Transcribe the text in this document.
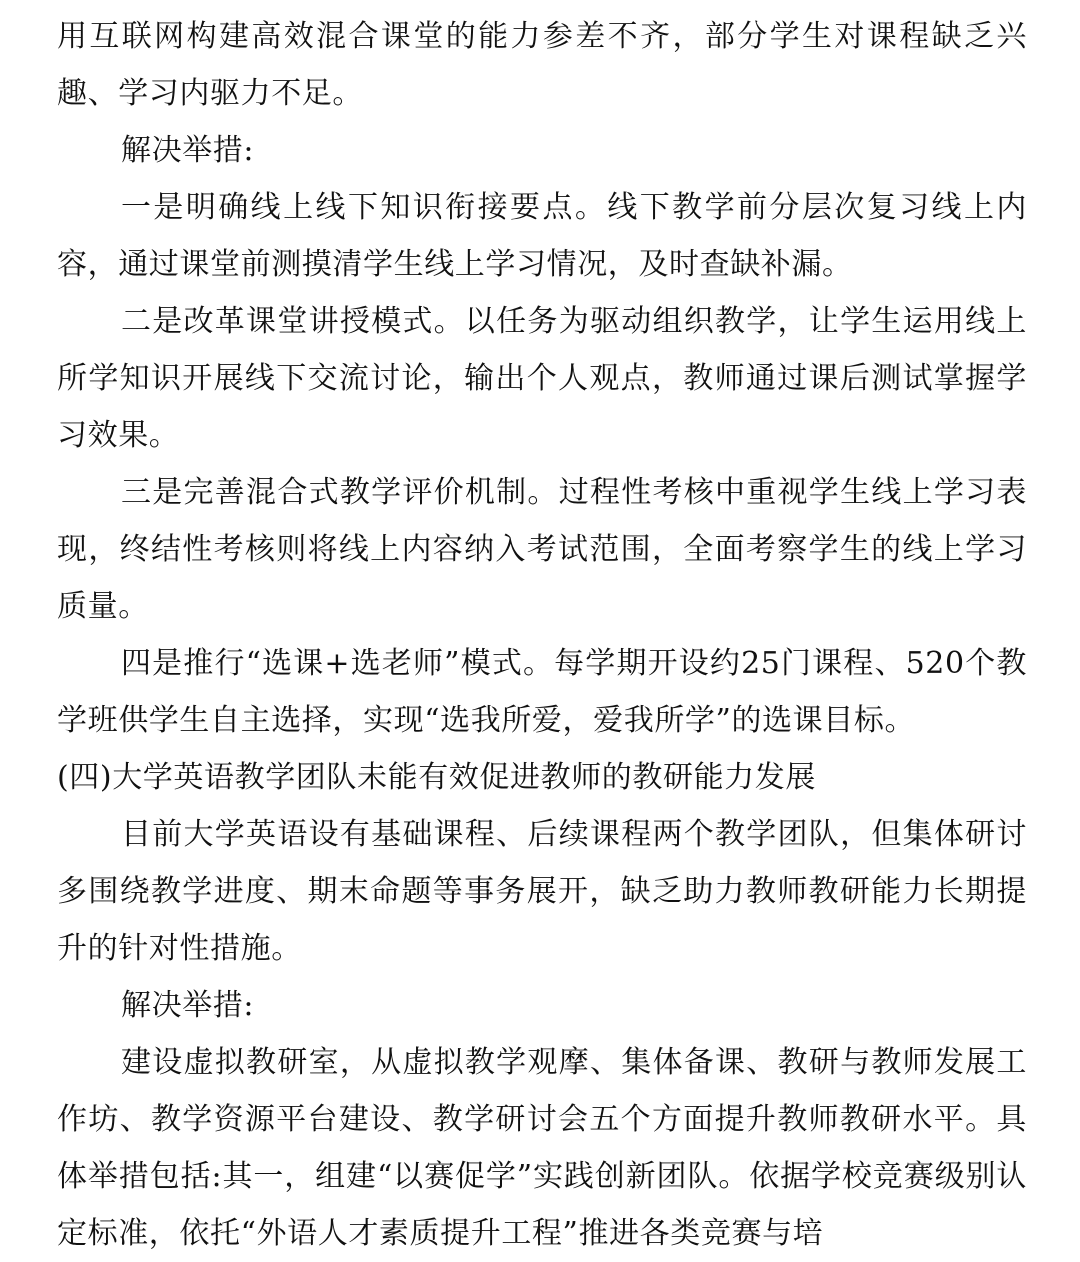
用互联网构建高效混合课堂的能力参差不齐，部分学生对课程缺乏兴趣、学习内驱力不足。

解决举措:

一是明确线上线下知识衔接要点。线下教学前分层次复习线上内容，通过课堂前测摸清学生线上学习情况，及时查缺补漏。

二是改革课堂讲授模式。以任务为驱动组织教学，让学生运用线上所学知识开展线下交流讨论，输出个人观点，教师通过课后测试掌握学习效果。

三是完善混合式教学评价机制。过程性考核中重视学生线上学习表现，终结性考核则将线上内容纳入考试范围，全面考察学生的线上学习质量。

四是推行“选课+选老师”模式。每学期开设约25门课程、520个教学班供学生自主选择，实现“选我所爱，爱我所学”的选课目标。

(四)大学英语教学团队未能有效促进教师的教研能力发展

目前大学英语设有基础课程、后续课程两个教学团队，但集体研讨多围绕教学进度、期末命题等事务展开，缺乏助力教师教研能力长期提升的针对性措施。

解决举措:

建设虚拟教研室，从虚拟教学观摩、集体备课、教研与教师发展工作坊、教学资源平台建设、教学研讨会五个方面提升教师教研水平。具体举措包括:其一，组建“以赛促学”实践创新团队。依据学校竞赛级别认定标准，依托“外语人才素质提升工程”推进各类竞赛与培
